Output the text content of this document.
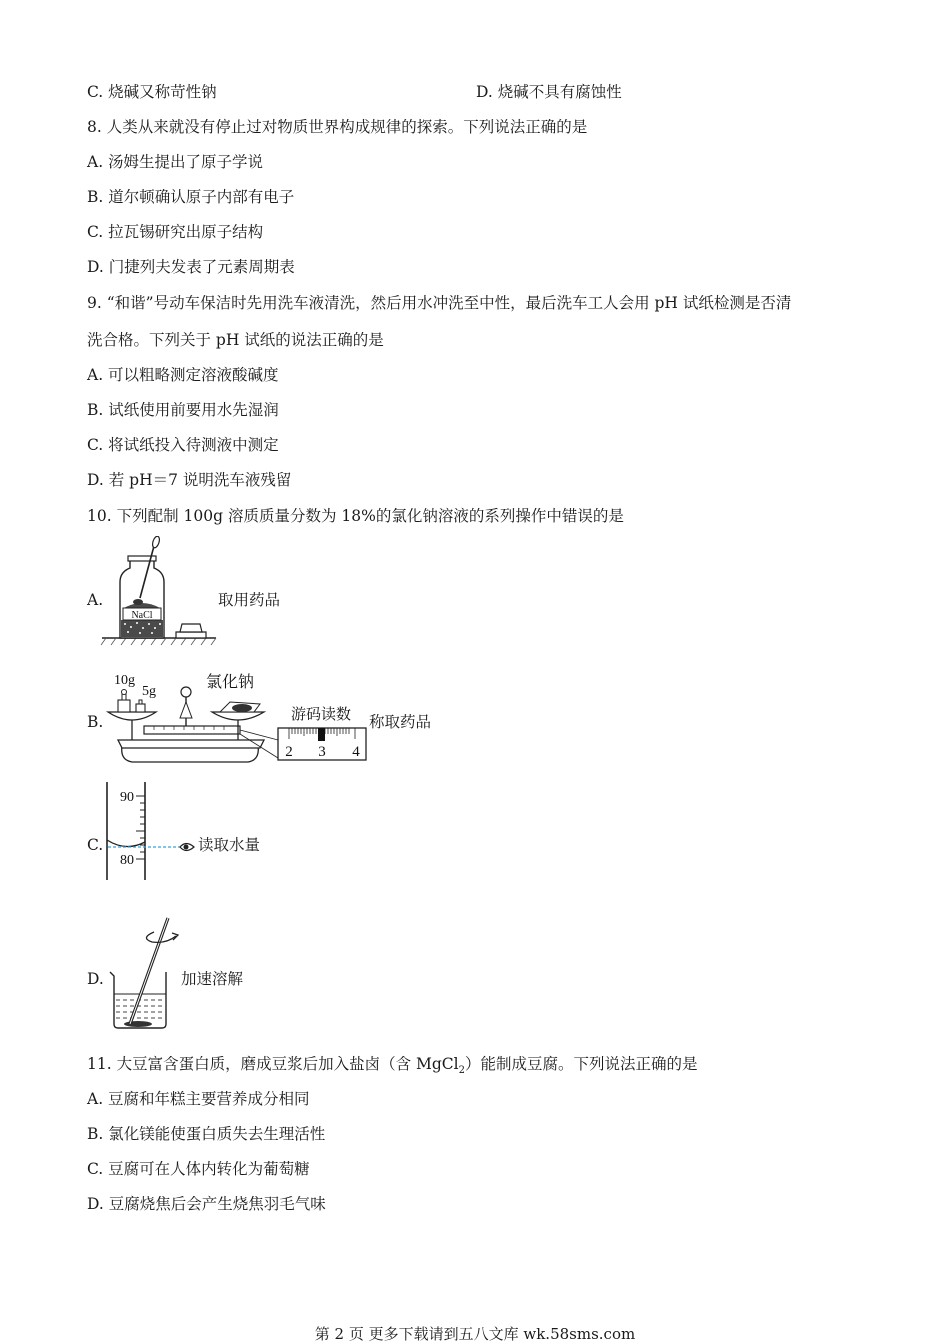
C. 烧碱又称苛性钠	D. 烧碱不具有腐蚀性
8. 人类从来就没有停止过对物质世界构成规律的探索。下列说法正确的是
A. 汤姆生提出了原子学说
B. 道尔顿确认原子内部有电子
C. 拉瓦锡研究出原子结构
D. 门捷列夫发表了元素周期表
9. “和谐”号动车保洁时先用洗车液清洗，然后用水冲洗至中性，最后洗车工人会用 pH 试纸检测是否清
洗合格。下列关于 pH 试纸的说法正确的是
A. 可以粗略测定溶液酸碱度
B. 试纸使用前要用水先湿润
C. 将试纸投入待测液中测定
D. 若 pH＝7 说明洗车液残留
10. 下列配制 100g 溶质质量分数为 18%的氯化钠溶液的系列操作中错误的是
A.
NaCl
取用药品
B.
10g
5g
氯化钠
游码读数
2 3 4
称取药品
C.
90
80
读取水量
D.	加速溶解
11. 大豆富含蛋白质，磨成豆浆后加入盐卤（含 MgCl$_2$）能制成豆腐。下列说法正确的是
A. 豆腐和年糕主要营养成分相同
B. 氯化镁能使蛋白质失去生理活性
C. 豆腐可在人体内转化为葡萄糖
D. 豆腐烧焦后会产生烧焦羽毛气味
第 2 页 更多下载请到五八文库 wk.58sms.com
